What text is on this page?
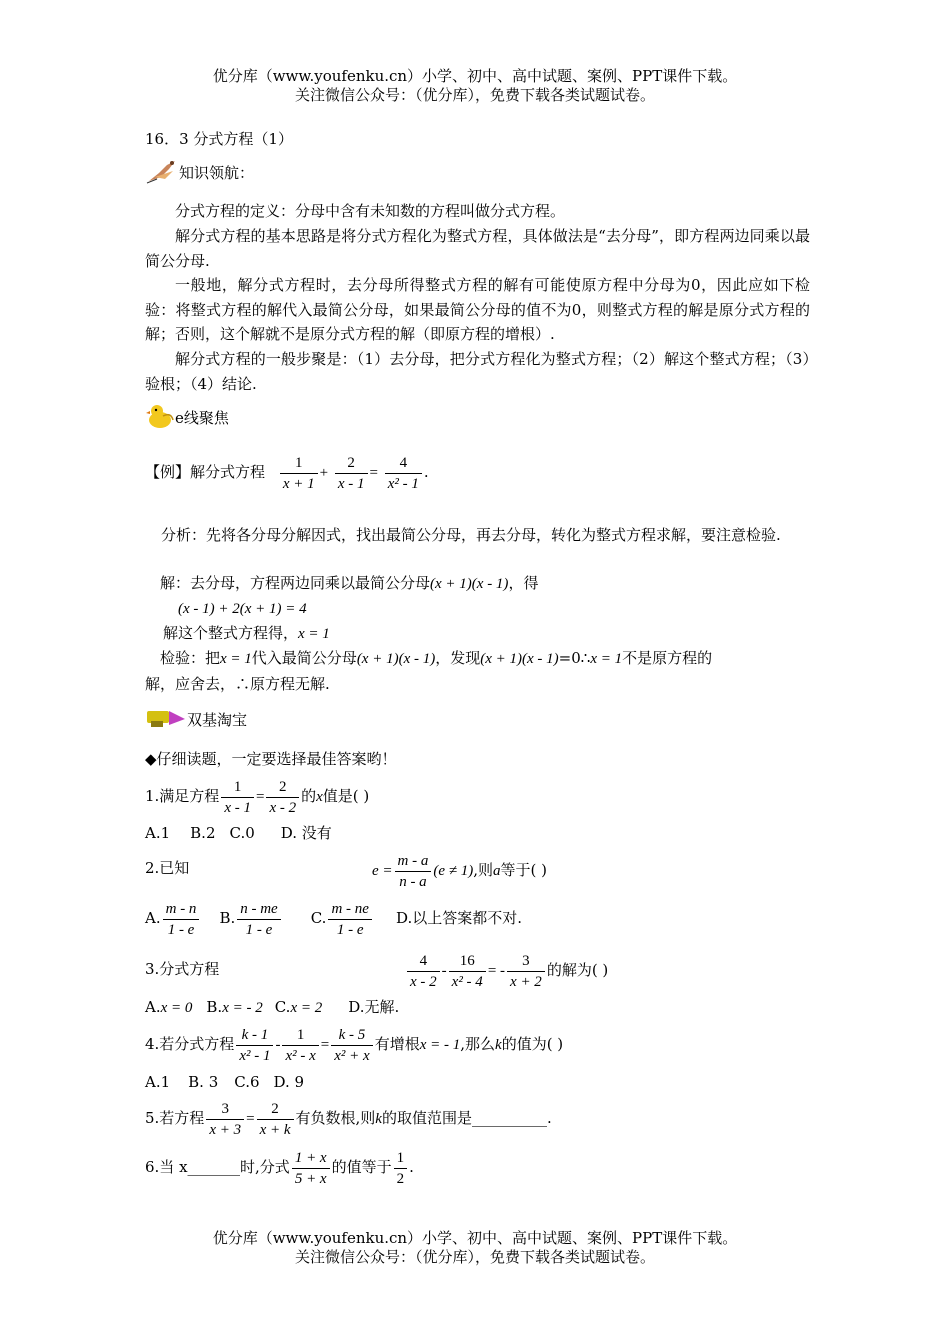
优分库（www.youfenku.cn）小学、初中、高中试题、案例、PPT课件下载。
关注微信公众号：（优分库），免费下载各类试题试卷。
16．3 分式方程（1）
知识领航：
分式方程的定义：分母中含有未知数的方程叫做分式方程。
解分式方程的基本思路是将分式方程化为整式方程，具体做法是“去分母”，即方程两边同乘以最简公分母.
一般地，解分式方程时，去分母所得整式方程的解有可能使原方程中分母为0，因此应如下检验：将整式方程的解代入最简公分母，如果最简公分母的值不为0，则整式方程的解是原分式方程的解；否则，这个解就不是原分式方程的解（即原方程的增根）.
解分式方程的一般步聚是：（1）去分母，把分式方程化为整式方程；（2）解这个整式方程；（3）验根；（4）结论.
e线聚焦
【例】解分式方程 $\frac{1}{x + 1} + \frac{2}{x - 1} = \frac{4}{\text{x² - 1}}$ .
分析：先将各分母分解因式，找出最简公分母，再去分母，转化为整式方程求解，要注意检验.
解：去分母，方程两边同乘以最简公分母(x + 1)(x - 1)，得
(x - 1) + 2(x + 1) = 4
解这个整式方程得，x = 1
检验：把x = 1代入最简公分母(x + 1)(x - 1)，发现(x + 1)(x - 1)=0∴x = 1不是原方程的
解，应舍去，∴原方程无解.
双基淘宝
◆仔细读题，一定要选择最佳答案哟！
1.满足方程 $\frac{1}{x - 1} = \frac{2}{x - 2}$ 的x值是( )
A.1 B.2 C.0 D. 没有
2.已知	$e = \frac{m - a}{n - a} (e \ne 1)$,则a等于( )
A. $\frac{m - n}{1 - e} B$. $\frac{n - me}{1 - e} C$. $\frac{m - ne}{1 - e} D$.以上答案都不对.
3.分式方程	$\frac{4}{x - 2} - \frac{16}{\text{x² - 4}}$ = - $\frac{3}{x + 2}$ 的解为( )
A.x = 0 B.x = - 2 C.x = 2 D.无解.
4.若分式方程 $\frac{k - 1}{\text{x² - 1}} - \frac{1}{\text{x² - x}} = \frac{k - 5}{\text{x² + x}}$ 有增根x = - 1,那么k的值为( )
A.1 B. 3 C.6 D. 9
5.若方程 $\frac{3}{x + 3} = \frac{2}{x + k}$ 有负数根,则k的取值范围是__________.
6.当 x_______时,分式 $\frac{1 + x}{5 + x}$ 的值等于 $\frac{1}{2}$ .
优分库（www.youfenku.cn）小学、初中、高中试题、案例、PPT课件下载。
关注微信公众号：（优分库），免费下载各类试题试卷。
